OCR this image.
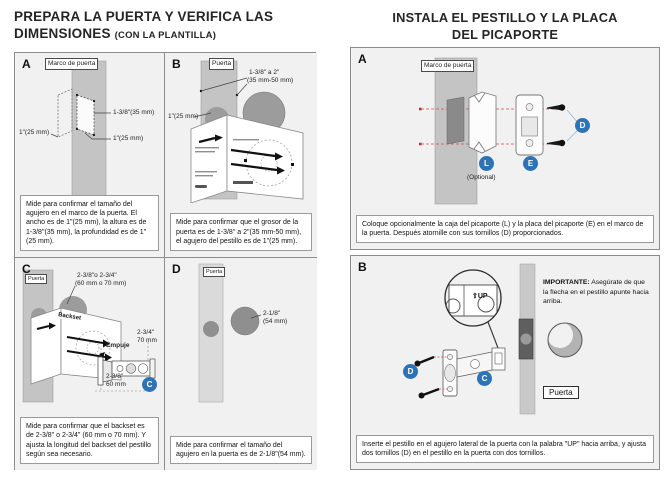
PREPARA LA PUERTA Y VERIFICA LAS
DIMENSIONES (CON LA PLANTILLA)
INSTALA EL PESTILLO Y LA PLACA
DEL PICAPORTE
A	Marco de puerta
1-3/8"(35 mm)
1"(25 mm)
1"(25 mm)
Mide para confirmar el tamaño del agujero en el marco de la puerta. El ancho es de 1"(25 mm), la altura es de 1-3/8"(35 mm), la profundidad es de 1"(25 mm).
B	Puerta
1-3/8" a 2"
(35 mm-50 mm)
1"(25 mm)
Mide para confirmar que el grosor de la puerta es de 1-3/8" a 2"(35 mm-50 mm), el agujero del pestillo es de 1"(25 mm).
C
Puerta
Backset
2-3/8"o 2-3/4"
(60 mm o 70 mm)
Empuje
2-3/4"
70 mm
2-3/8"
60 mm	C
Mide para confirmar que el backset es de 2-3/8" o 2-3/4" (60 mm o 70 mm). Y ajusta la longitud del backset del pestillo según sea necesario.
D	Puerta
2-1/8"
(54 mm)
Mide para confirmar el tamaño del agujero en la puerta es de 2-1/8"(54 mm).
A	Marco de puerta
L	E
D
(Optional)
Coloque opcionalmente la caja del picaporte (L) y la placa del picaporte (E) en el marco de la puerta. Después atornille con sus tornillos (D) proporcionados.
B
⇧UP
D
C
IMPORTANTE: Asegúrate de que la flecha en el pestillo apunte hacia arriba.
Puerta
Inserte el pestillo en el agujero lateral de la puerta con la palabra "UP" hacia arriba, y ajusta dos tornillos (D) en el pestillo en la puerta con dos tornillos.
